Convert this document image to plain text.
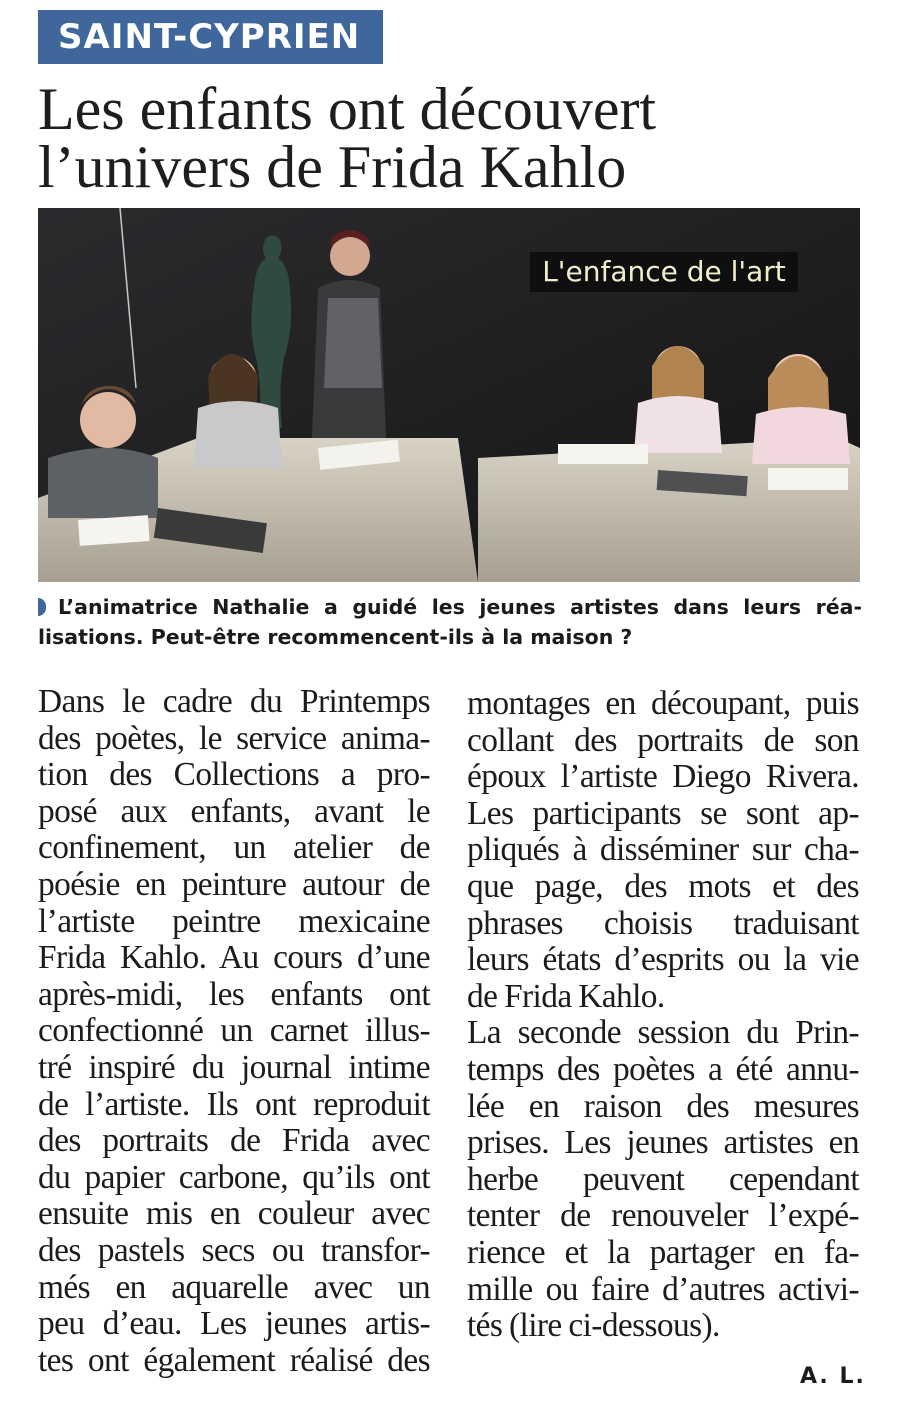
SAINT-CYPRIEN
Les enfants ont découvert
l’univers de Frida Kahlo
L'enfance de l'art
L’animatrice Nathalie a guidé les jeunes artistes dans leurs réa-
lisations. Peut-être recommencent-ils à la maison ?
Dans le cadre du Printemps
des poètes, le service anima-
tion des Collections a pro-
posé aux enfants, avant le
confinement, un atelier de
poésie en peinture autour de
l’artiste peintre mexicaine
Frida Kahlo. Au cours d’une
après-midi, les enfants ont
confectionné un carnet illus-
tré inspiré du journal intime
de l’artiste. Ils ont reproduit
des portraits de Frida avec
du papier carbone, qu’ils ont
ensuite mis en couleur avec
des pastels secs ou transfor-
més en aquarelle avec un
peu d’eau. Les jeunes artis-
tes ont également réalisé des
montages en découpant, puis
collant des portraits de son
époux l’artiste Diego Rivera.
Les participants se sont ap-
pliqués à disséminer sur cha-
que page, des mots et des
phrases choisis traduisant
leurs états d’esprits ou la vie
de Frida Kahlo.
La seconde session du Prin-
temps des poètes a été annu-
lée en raison des mesures
prises. Les jeunes artistes en
herbe peuvent cependant
tenter de renouveler l’expé-
rience et la partager en fa-
mille ou faire d’autres activi-
tés (lire ci-dessous).
A. L.
